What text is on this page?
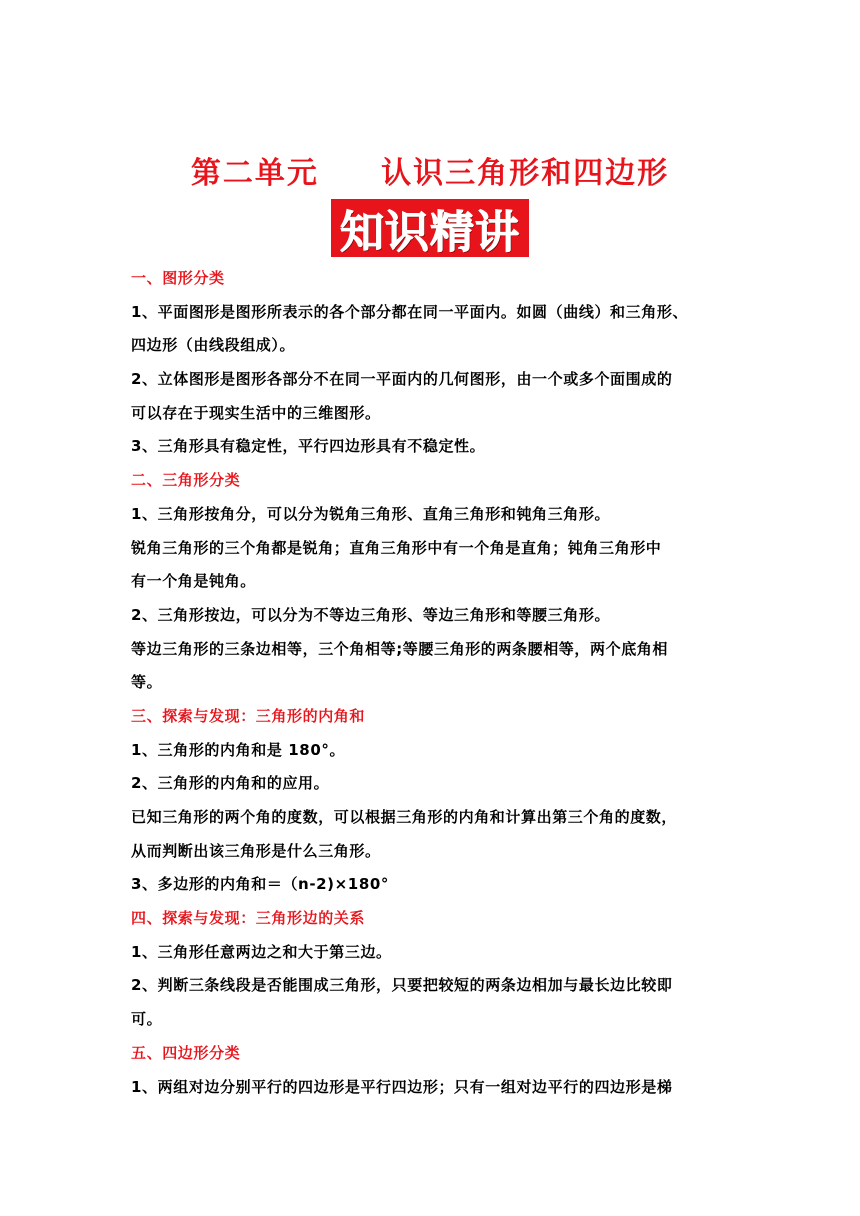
第二单元     认识三角形和四边形
知识精讲
一、图形分类
1、平面图形是图形所表示的各个部分都在同一平面内。如圆（曲线）和三角形、
四边形（由线段组成）。
2、立体图形是图形各部分不在同一平面内的几何图形，由一个或多个面围成的
可以存在于现实生活中的三维图形。
3、三角形具有稳定性，平行四边形具有不稳定性。
二、三角形分类
1、三角形按角分，可以分为锐角三角形、直角三角形和钝角三角形。
锐角三角形的三个角都是锐角；直角三角形中有一个角是直角；钝角三角形中
有一个角是钝角。
2、三角形按边，可以分为不等边三角形、等边三角形和等腰三角形。
等边三角形的三条边相等，三个角相等;等腰三角形的两条腰相等，两个底角相
等。
三、探索与发现：三角形的内角和
1、三角形的内角和是 180°。
2、三角形的内角和的应用。
已知三角形的两个角的度数，可以根据三角形的内角和计算出第三个角的度数，
从而判断出该三角形是什么三角形。
3、多边形的内角和＝（n-2)×180°
四、探索与发现：三角形边的关系
1、三角形任意两边之和大于第三边。
2、判断三条线段是否能围成三角形，只要把较短的两条边相加与最长边比较即
可。
五、四边形分类
1、两组对边分别平行的四边形是平行四边形；只有一组对边平行的四边形是梯
